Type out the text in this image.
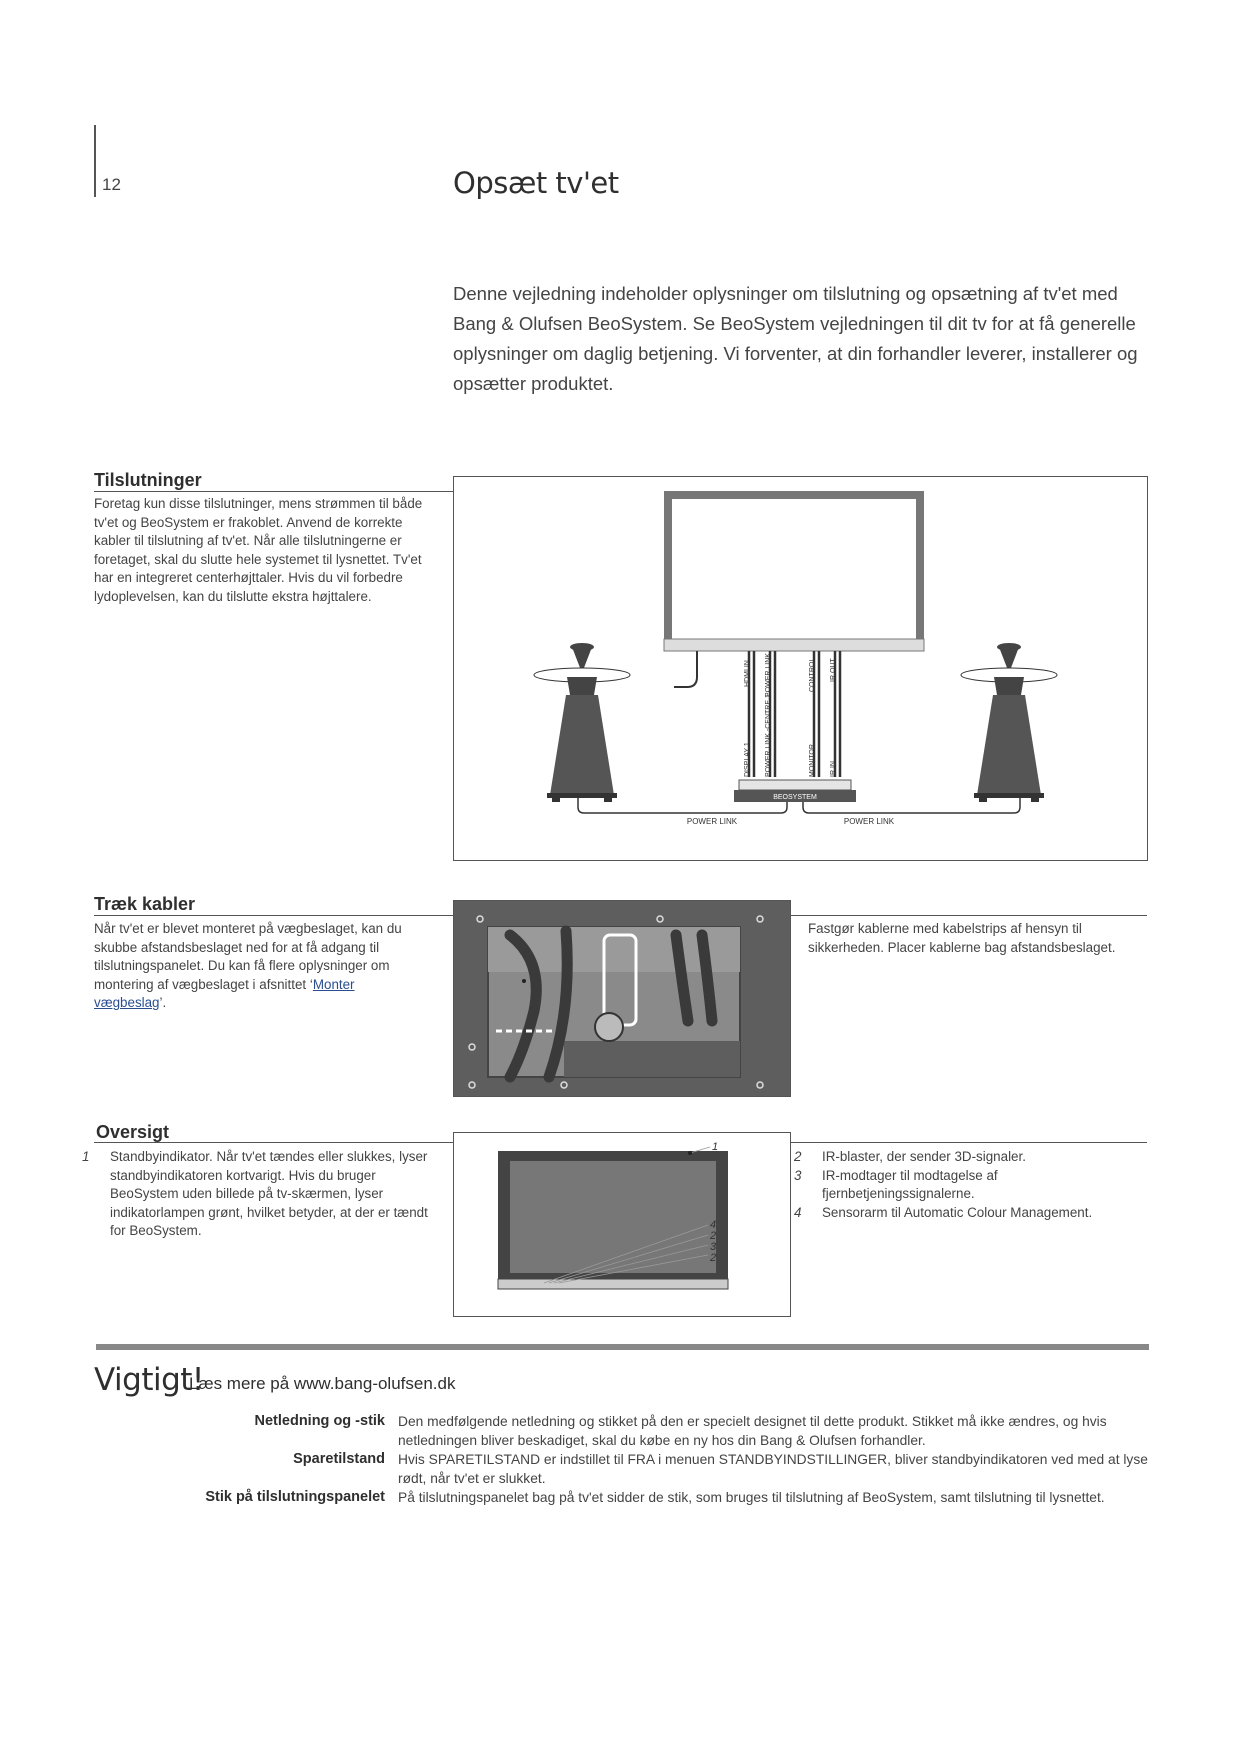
12	Opsæt tv'et
Denne vejledning indeholder oplysninger om tilslutning og opsætning af tv'et med Bang & Olufsen BeoSystem. Se BeoSystem vejledningen til dit tv for at få generelle oplysninger om daglig betjening. Vi forventer, at din forhandler leverer, installerer og opsætter produktet.
Tilslutninger
Foretag kun disse tilslutninger, mens strømmen til både tv'et og BeoSystem er frakoblet. Anvend de korrekte kabler til tilslutning af tv'et. Når alle tilslutningerne er foretaget, skal du slutte hele systemet til lysnettet. Tv'et har en integreret centerhøjttaler. Hvis du vil forbedre lydoplevelsen, kan du tilslutte ekstra højttalere.
HDMI IN POWER LINK	CONTROL IR OUT
DISPLAY 1 POWER LINK -CENTRE 1	MONITOR IR IN
BEOSYSTEM
POWER LINK	POWER LINK
Træk kabler
Når tv'et er blevet monteret på vægbeslaget, kan du skubbe afstandsbeslaget ned for at få adgang til tilslutningspanelet. Du kan få flere oplysninger om montering af vægbeslaget i afsnittet ‘Monter vægbeslag’.
Fastgør kablerne med kabelstrips af hensyn til sikkerheden. Placer kablerne bag afstandsbeslaget.
Oversigt
1 Standbyindikator. Når tv'et tændes eller slukkes, lyser standbyindikatoren kortvarigt. Hvis du bruger BeoSystem uden billede på tv-skærmen, lyser indikatorlampen grønt, hvilket betyder, at der er tændt for BeoSystem.
1
4
2
3
2
2 IR-blaster, der sender 3D-signaler.
3 IR-modtager til modtagelse af fjernbetjeningssignalerne.
4 Sensorarm til Automatic Colour Management.
Vigtigt!
Læs mere på www.bang-olufsen.dk
Netledning og -stik Den medfølgende netledning og stikket på den er specielt designet til dette produkt. Stikket må ikke ændres, og hvis netledningen bliver beskadiget, skal du købe en ny hos din Bang & Olufsen forhandler.
Sparetilstand Hvis SPARETILSTAND er indstillet til FRA i menuen STANDBYINDSTILLINGER, bliver standbyindikatoren ved med at lyse rødt, når tv'et er slukket.
Stik på tilslutningspanelet På tilslutningspanelet bag på tv'et sidder de stik, som bruges til tilslutning af BeoSystem, samt tilslutning til lysnettet.
